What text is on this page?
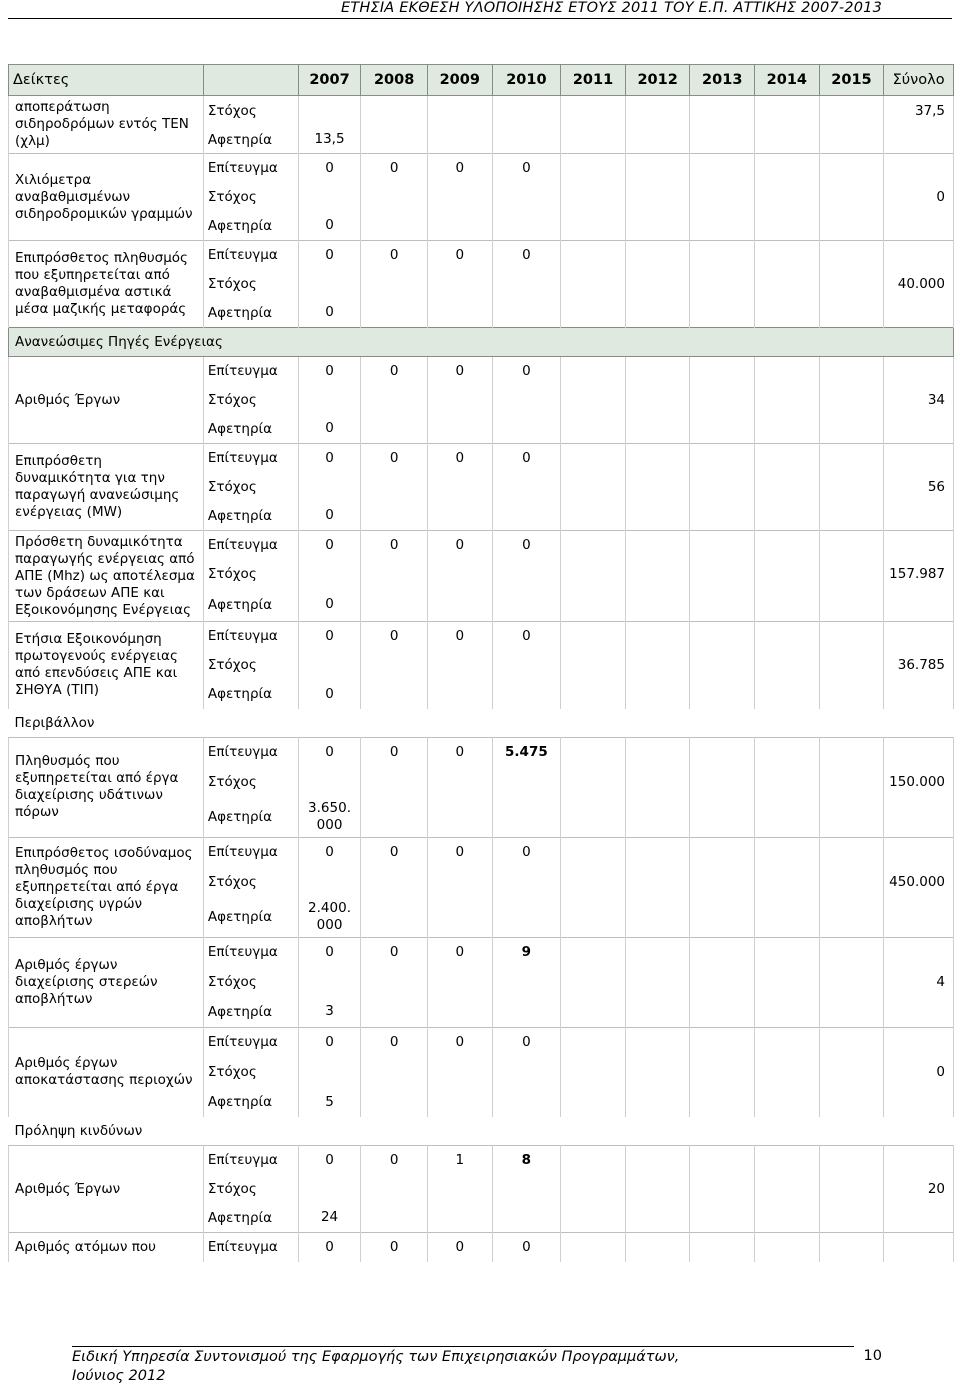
ΕΤΗΣΙΑ ΕΚΘΕΣΗ ΥΛΟΠΟΙΗΣΗΣ ΕΤΟΥΣ 2011 ΤΟΥ Ε.Π. ΑΤΤΙΚΗΣ 2007-2013
Δείκτες		2007	2008	2009	2010	2011	2012	2013	2014	2015	Σύνολο
αποπεράτωση σιδηροδρόμων εντός ΤΕΝ (χλμ)	Στόχος										37,5
	Αφετηρία	13,5									
Χιλιόμετρα αναβαθμισμένων σιδηροδρομικών γραμμών	Επίτευγμα	0	0	0	0						
	Στόχος										0
	Αφετηρία	0									
Επιπρόσθετος πληθυσμός που εξυπηρετείται από αναβαθμισμένα αστικά μέσα μαζικής μεταφοράς	Επίτευγμα	0	0	0	0						
	Στόχος										40.000
	Αφετηρία	0									
Ανανεώσιμες Πηγές Ενέργειας											
Αριθμός Έργων	Επίτευγμα	0	0	0	0						
	Στόχος										34
	Αφετηρία	0									
Επιπρόσθετη δυναμικότητα για την παραγωγή ανανεώσιμης ενέργειας (MW)	Επίτευγμα	0	0	0	0						
	Στόχος										56
	Αφετηρία	0									
Πρόσθετη δυναμικότητα παραγωγής ενέργειας από ΑΠΕ (Mhz) ως αποτέλεσμα των δράσεων ΑΠΕ και Εξοικονόμησης Ενέργειας	Επίτευγμα	0	0	0	0						
	Στόχος										157.987
	Αφετηρία	0									
Ετήσια Εξοικονόμηση πρωτογενούς ενέργειας από επενδύσεις ΑΠΕ και ΣΗΘΥΑ (ΤΙΠ)	Επίτευγμα	0	0	0	0						
	Στόχος										36.785
	Αφετηρία	0									
Περιβάλλον											
Πληθυσμός που εξυπηρετείται από έργα διαχείρισης υδάτινων πόρων	Επίτευγμα	0	0	0	5.475						
	Στόχος										150.000
	Αφετηρία	3.650. 000									
Επιπρόσθετος ισοδύναμος πληθυσμός που εξυπηρετείται από έργα διαχείρισης υγρών αποβλήτων	Επίτευγμα	0	0	0	0						
	Στόχος										450.000
	Αφετηρία	2.400. 000									
Αριθμός έργων διαχείρισης στερεών αποβλήτων	Επίτευγμα	0	0	0	9						
	Στόχος										4
	Αφετηρία	3									
Αριθμός έργων αποκατάστασης περιοχών	Επίτευγμα	0	0	0	0						
	Στόχος										0
	Αφετηρία	5									
Πρόληψη κινδύνων											
Αριθμός Έργων	Επίτευγμα	0	0	1	8						
	Στόχος										20
	Αφετηρία	24									
Αριθμός ατόμων που	Επίτευγμα	0	0	0	0						
Ειδική Υπηρεσία Συντονισμού της Εφαρμογής των Επιχειρησιακών Προγραμμάτων, Ιούνιος 2012
10
